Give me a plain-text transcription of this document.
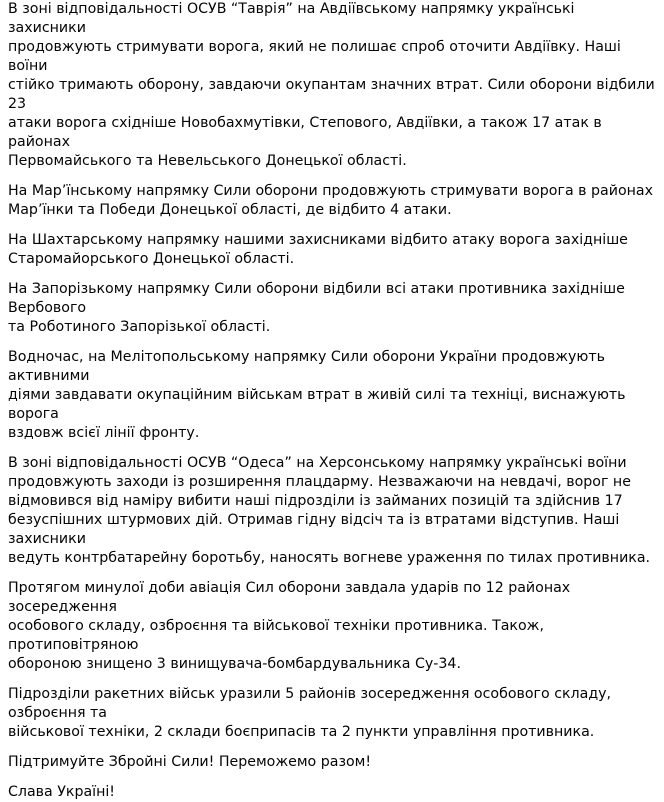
В зоні відповідальності ОСУВ “Таврія” на Авдіївському напрямку українські захисники
продовжують стримувати ворога, який не полишає спроб оточити Авдіївку. Наші воїни
стійко тримають оборону, завдаючи окупантам значних втрат. Сили оборони відбили 23
атаки ворога східніше Новобахмутівки, Степового, Авдіївки, а також 17 атак в районах
Первомайського та Невельського Донецької області.

На Мар’їнському напрямку Сили оборони продовжують стримувати ворога в районах
Мар’їнки та Победи Донецької області, де відбито 4 атаки.

На Шахтарському напрямку нашими захисниками відбито атаку ворога західніше
Старомайорського Донецької області.

На Запорізькому напрямку Сили оборони відбили всі атаки противника західніше Вербового
та Роботиного Запорізької області.

Водночас, на Мелітопольському напрямку Сили оборони України продовжують активними
діями завдавати окупаційним військам втрат в живій силі та техніці, виснажують ворога
вздовж всієї лінії фронту.

В зоні відповідальності ОСУВ “Одеса” на Херсонському напрямку українські воїни
продовжують заходи із розширення плацдарму. Незважаючи на невдачі, ворог не
відмовився від наміру вибити наші підрозділи із займаних позицій та здійснив 17
безуспішних штурмових дій. Отримав гідну відсіч та із втратами відступив. Наші захисники
ведуть контрбатарейну боротьбу, наносять вогневе ураження по тилах противника.

Протягом минулої доби авіація Сил оборони завдала ударів по 12 районах зосередження
особового складу, озброєння та військової техніки противника. Також, протиповітряною
обороною знищено 3 винищувача-бомбардувальника Су-34.

Підрозділи ракетних військ уразили 5 районів зосередження особового складу, озброєння та
військової техніки, 2 склади боєприпасів та 2 пункти управління противника.

Підтримуйте Збройні Сили! Переможемо разом!

Слава Україні!
